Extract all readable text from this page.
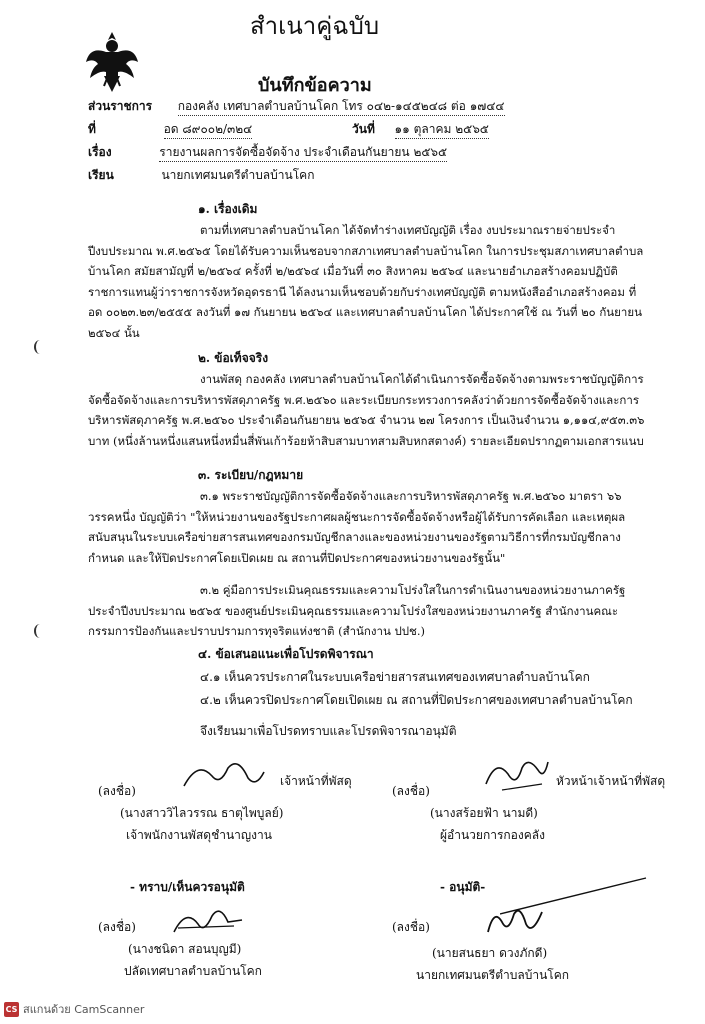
สำเนาคู่ฉบับ
บันทึกข้อความ
ส่วนราชการ กองคลัง เทศบาลตำบลบ้านโคก โทร ๐๔๒-๑๔๕๒๔๘ ต่อ ๑๗๔๔
ที่	อด ๘๙๐๐๒/๓๒๔	วันที่ ๑๑ ตุลาคม ๒๕๖๕
เรื่อง	รายงานผลการจัดซื้อจัดจ้าง ประจำเดือนกันยายน ๒๕๖๕
เรียน	นายกเทศมนตรีตำบลบ้านโคก
๑. เรื่องเดิม
ตามที่เทศบาลตำบลบ้านโคก ได้จัดทำร่างเทศบัญญัติ เรื่อง งบประมาณรายจ่ายประจำปีงบประมาณ พ.ศ.๒๕๖๕ โดยได้รับความเห็นชอบจากสภาเทศบาลตำบลบ้านโคก ในการประชุมสภาเทศบาลตำบลบ้านโคก สมัยสามัญที่ ๒/๒๕๖๔ ครั้งที่ ๒/๒๕๖๔ เมื่อวันที่ ๓๐ สิงหาคม ๒๕๖๔ และนายอำเภอสร้างคอมปฏิบัติราชการแทนผู้ว่าราชการจังหวัดอุดรธานี ได้ลงนามเห็นชอบด้วยกับร่างเทศบัญญัติ ตามหนังสืออำเภอสร้างคอม ที่ อด ๐๐๒๓.๒๓/๒๕๕๕ ลงวันที่ ๑๗ กันยายน ๒๕๖๔ และเทศบาลตำบลบ้านโคก ได้ประกาศใช้ ณ วันที่ ๒๐ กันยายน ๒๕๖๔ นั้น
๒. ข้อเท็จจริง
งานพัสดุ กองคลัง เทศบาลตำบลบ้านโคกได้ดำเนินการจัดซื้อจัดจ้างตามพระราชบัญญัติการจัดซื้อจัดจ้างและการบริหารพัสดุภาครัฐ พ.ศ.๒๕๖๐ และระเบียบกระทรวงการคลังว่าด้วยการจัดซื้อจัดจ้างและการบริหารพัสดุภาครัฐ พ.ศ.๒๕๖๐ ประจำเดือนกันยายน ๒๕๖๕ จำนวน ๒๗ โครงการ เป็นเงินจำนวน ๑,๑๑๔,๙๕๓.๓๖ บาท (หนึ่งล้านหนึ่งแสนหนึ่งหมื่นสี่พันเก้าร้อยห้าสิบสามบาทสามสิบหกสตางค์) รายละเอียดปรากฏตามเอกสารแนบ
๓. ระเบียบ/กฎหมาย
๓.๑ พระราชบัญญัติการจัดซื้อจัดจ้างและการบริหารพัสดุภาครัฐ พ.ศ.๒๕๖๐ มาตรา ๖๖ วรรคหนึ่ง บัญญัติว่า "ให้หน่วยงานของรัฐประกาศผลผู้ชนะการจัดซื้อจัดจ้างหรือผู้ได้รับการคัดเลือก และเหตุผลสนับสนุนในระบบเครือข่ายสารสนเทศของกรมบัญชีกลางและของหน่วยงานของรัฐตามวิธีการที่กรมบัญชีกลางกำหนด และให้ปิดประกาศโดยเปิดเผย ณ สถานที่ปิดประกาศของหน่วยงานของรัฐนั้น"
๓.๒ คู่มือการประเมินคุณธรรมและความโปร่งใสในการดำเนินงานของหน่วยงานภาครัฐประจำปีงบประมาณ ๒๕๖๕ ของศูนย์ประเมินคุณธรรมและความโปร่งใสของหน่วยงานภาครัฐ สำนักงานคณะกรรมการป้องกันและปราบปรามการทุจริตแห่งชาติ (สำนักงาน ปปช.)
๔. ข้อเสนอแนะเพื่อโปรดพิจารณา
๔.๑ เห็นควรประกาศในระบบเครือข่ายสารสนเทศของเทศบาลตำบลบ้านโคก
๔.๒ เห็นควรปิดประกาศโดยเปิดเผย ณ สถานที่ปิดประกาศของเทศบาลตำบลบ้านโคก
จึงเรียนมาเพื่อโปรดทราบและโปรดพิจารณาอนุมัติ
(ลงชื่อ)
เจ้าหน้าที่พัสดุ
(นางสาววิไลวรรณ ธาตุไพบูลย์)
เจ้าพนักงานพัสดุชำนาญงาน
(ลงชื่อ)
หัวหน้าเจ้าหน้าที่พัสดุ
(นางสร้อยฟ้า นามดี)
ผู้อำนวยการกองคลัง
- ทราบ/เห็นควรอนุมัติ	- อนุมัติ-
(ลงชื่อ)
(นางชนิดา สอนบุญมี)
ปลัดเทศบาลตำบลบ้านโคก
(ลงชื่อ)
(นายสนธยา ดวงภักดี)
นายกเทศมนตรีตำบลบ้านโคก
CS สแกนด้วย CamScanner
